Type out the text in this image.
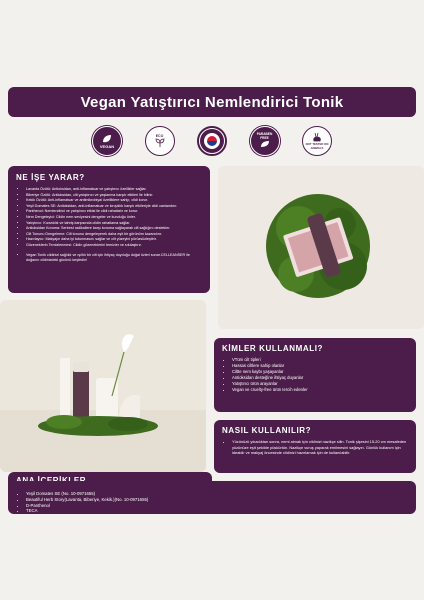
Vegan Yatıştırıcı Nemlendirici Tonik
VEGAN
ECO	PARABEN FREE
NOT TESTED ON ANIMALS
NE İŞE YARAR?
• Lavanta Özütü: Antioksidan, anti-inflamatuar ve yatıştırıcı özellikler sağlar.
• Biberiye Özütü: Antioksidan, cilt yatıştırıcı ve yaşlanma karşıtı etkileri ile bilinir.
• Kekik Özütü: Anti-inflamatuar ve antimikrobiyal özelliklere sahip, cildi korur.
• Yeşil Domates SE: Antioksidan, anti-inflamatuar ve kırışıklık karşıtı etkileriyle cildi canlandırır.
• Panthenol: Nemlendirici ve yatıştırıcı etkisi ile cildi rahatlatır ve korur.
• Nem Dengeleyici: Cildin nem seviyesini dengeler ve kuruluğu önler.
• Yatıştırıcı: Kızarıklık ve tahriş karşısında cildin rahatlama sağlar.
• Antioksidan Koruma: Serbest radikallere karşı koruma sağlayarak cilt sağlığını destekler.
• Cilt Tonunu Dengeleme: Cilt tonunu dengeleyerek daha eşit bir görünüm kazandırır.
• Hazırlayıcı: Makyajın daha iyi tutunmasını sağlar ve cilt yüzeyini pürüzsüzleştirir.
• Gözeneklerin Temizlenmesi: Cildin gözeneklerini temizler ve sıkılaştırır.
• Vegan Tonik cildinizi sağlıklı ve ışıltılı bir cilt için ihtiyaç duyduğu doğal özleri sunar.CELLEANSER ile doğanın cildinizdeki gücünü keşfedin!
KİMLER KULLANMALI?
• VTüm cilt tipleri
• Hassas ciltlere sahip olanlar
• Ciltte nem kaybı yaşayanlar
• Antioksidan desteğine ihtiyaç duyanlar
• Yatıştırıcı ürün arayanlar
• Vegan ve cruelty-free ürün tercih edenler
NASIL KULLANILIR?
• Yüzünüzü yıkadıktan sonra, nemi almak için cildinizi nazikçe silin. Tonik şişesini 15-20 cm mesafeden yüzünüze eşit şekilde püskürtün. Nazikçe vuruş yaparak emilmesini sağlayın. Günlük kullanım için idealdir ve makyaj öncesinde cildinizi hazırlamak için de kullanılabilir.
• Yeşil Domates SE (No. 10-0971655)
• Beautiful Herb Story(Lavanta, Biberiye, Kekik.)(No. 10-0971655)
• D-Panthenol
• TECA
